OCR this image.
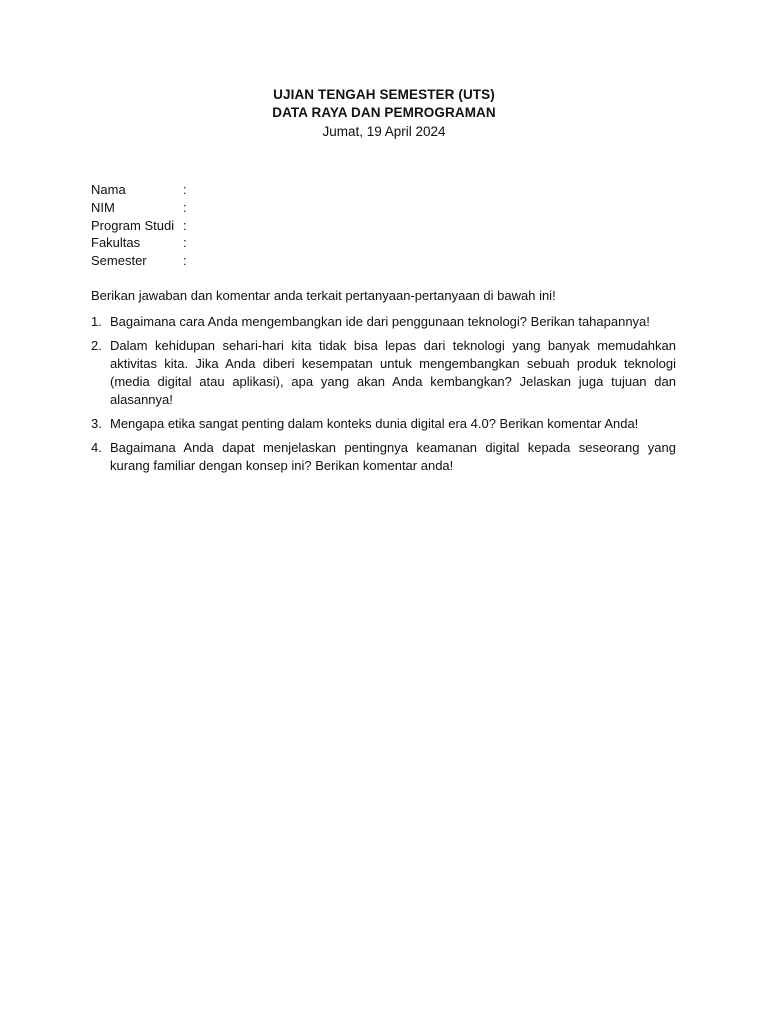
UJIAN TENGAH SEMESTER (UTS)
DATA RAYA DAN PEMROGRAMAN
Jumat, 19 April 2024
Nama	:
NIM	:
Program Studi :
Fakultas	:
Semester	:
Berikan jawaban dan komentar anda terkait pertanyaan-pertanyaan di bawah ini!
1. Bagaimana cara Anda mengembangkan ide dari penggunaan teknologi? Berikan tahapannya!
2. Dalam kehidupan sehari-hari kita tidak bisa lepas dari teknologi yang banyak memudahkan aktivitas kita. Jika Anda diberi kesempatan untuk mengembangkan sebuah produk teknologi (media digital atau aplikasi), apa yang akan Anda kembangkan? Jelaskan juga tujuan dan alasannya!
3. Mengapa etika sangat penting dalam konteks dunia digital era 4.0? Berikan komentar Anda!
4. Bagaimana Anda dapat menjelaskan pentingnya keamanan digital kepada seseorang yang kurang familiar dengan konsep ini? Berikan komentar anda!
